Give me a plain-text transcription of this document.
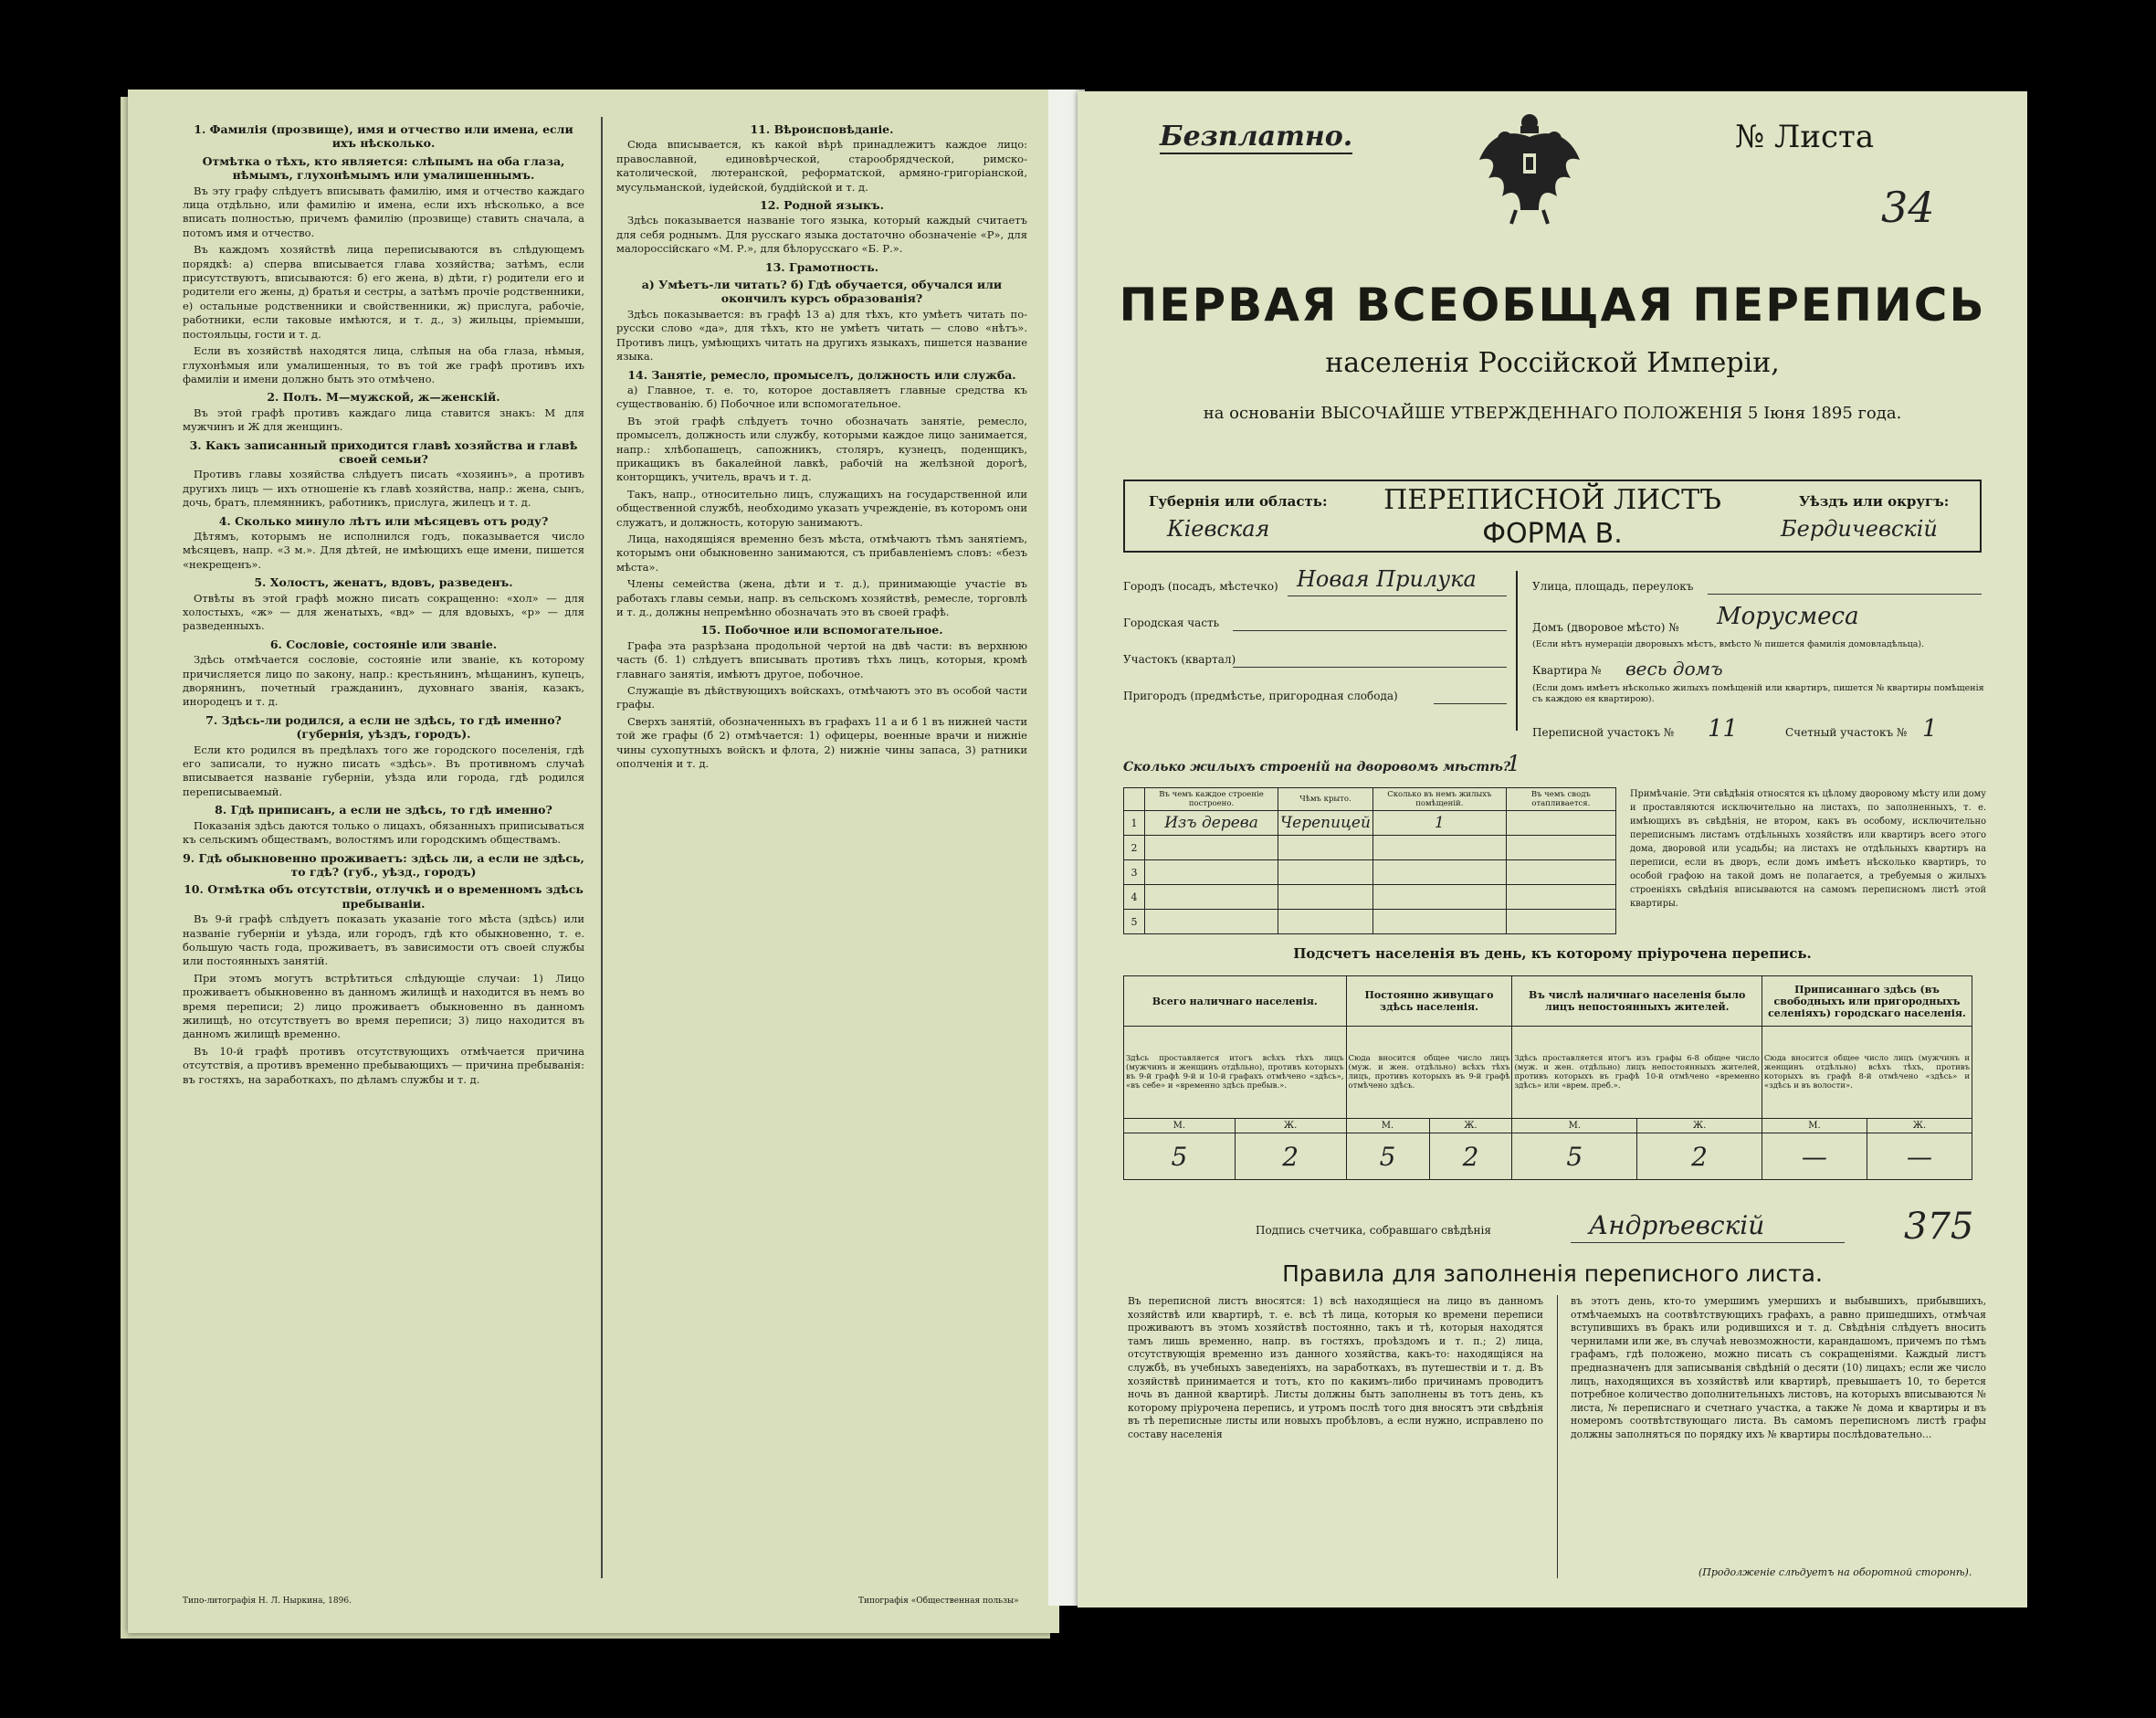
1. Фамилія (прозвище), имя и отчество или имена, если ихъ нѣсколько.
Отмѣтка о тѣхъ, кто является: слѣпымъ на оба глаза, нѣмымъ, глухонѣмымъ или умалишеннымъ.

Въ эту графу слѣдуетъ вписывать фамилію, имя и отчество каждаго лица отдѣльно, или фамилію и имена, если ихъ нѣсколько, а все вписать полностью, причемъ фамилію (прозвище) ставить сначала, а потомъ имя и отчество.

Въ каждомъ хозяйствѣ лица переписываются въ слѣдующемъ порядкѣ: а) сперва вписывается глава хозяйства; затѣмъ, если присутствуютъ, вписываются: б) его жена, в) дѣти, г) родители его и родители его жены, д) братья и сестры, а затѣмъ прочіе родственники, е) остальные родственники и свойственники, ж) прислуга, рабочіе, работники, если таковые имѣются, и т. д., з) жильцы, пріемыши, постояльцы, гости и т. д.

Если въ хозяйствѣ находятся лица, слѣпыя на оба глаза, нѣмыя, глухонѣмыя или умалишенныя, то въ той же графѣ противъ ихъ фамиліи и имени должно быть это отмѣчено.

2. Полъ. М—мужской, ж—женскій.

Въ этой графѣ противъ каждаго лица ставится знакъ: М для мужчинъ и Ж для женщинъ.

3. Какъ записанный приходится главѣ хозяйства и главѣ своей семьи?

Противъ главы хозяйства слѣдуетъ писать «хозяинъ», а противъ другихъ лицъ — ихъ отношеніе къ главѣ хозяйства, напр.: жена, сынъ, дочь, братъ, племянникъ, работникъ, прислуга, жилецъ и т. д.

4. Сколько минуло лѣтъ или мѣсяцевъ отъ роду?

Дѣтямъ, которымъ не исполнился годъ, показывается число мѣсяцевъ, напр. «3 м.». Для дѣтей, не имѣющихъ еще имени, пишется «некрещенъ».

5. Холостъ, женатъ, вдовъ, разведенъ.

Отвѣты въ этой графѣ можно писать сокращенно: «хол» — для холостыхъ, «ж» — для женатыхъ, «вд» — для вдовыхъ, «р» — для разведенныхъ.

6. Сословіе, состояніе или званіе.

Здѣсь отмѣчается сословіе, состояніе или званіе, къ которому причисляется лицо по закону, напр.: крестьянинъ, мѣщанинъ, купецъ, дворянинъ, почетный гражданинъ, духовнаго званія, казакъ, инородецъ и т. д.

7. Здѣсь-ли родился, а если не здѣсь, то гдѣ именно? (губернія, уѣздъ, городъ).

Если кто родился въ предѣлахъ того же городского поселенія, гдѣ его записали, то нужно писать «здѣсь». Въ противномъ случаѣ вписывается названіе губерніи, уѣзда или города, гдѣ родился переписываемый.

8. Гдѣ приписанъ, а если не здѣсь, то гдѣ именно?

Показанія здѣсь даются только о лицахъ, обязанныхъ приписываться къ сельскимъ обществамъ, волостямъ или городскимъ обществамъ.

9. Гдѣ обыкновенно проживаетъ: здѣсь ли, а если не здѣсь, то гдѣ? (губ., уѣзд., городъ)
10. Отмѣтка объ отсутствіи, отлучкѣ и о временномъ здѣсь пребываніи.

Въ 9-й графѣ слѣдуетъ показать указаніе того мѣста (здѣсь) или названіе губерніи и уѣзда, или городъ, гдѣ кто обыкновенно, т. е. большую часть года, проживаетъ, въ зависимости отъ своей службы или постоянныхъ занятій.

При этомъ могутъ встрѣтиться слѣдующіе случаи: 1) Лицо проживаетъ обыкновенно въ данномъ жилищѣ и находится въ немъ во время переписи; 2) лицо проживаетъ обыкновенно въ данномъ жилищѣ, но отсутствуетъ во время переписи; 3) лицо находится въ данномъ жилищѣ временно.

Въ 10-й графѣ противъ отсутствующихъ отмѣчается причина отсутствія, а противъ временно пребывающихъ — причина пребыванія: въ гостяхъ, на заработкахъ, по дѣламъ службы и т. д.

11. Вѣроисповѣданіе.

Сюда вписывается, къ какой вѣрѣ принадлежитъ каждое лицо: православной, единовѣрческой, старообрядческой, римско-католической, лютеранской, реформатской, армяно-григоріанской, мусульманской, іудейской, буддійской и т. д.

12. Родной языкъ.

Здѣсь показывается названіе того языка, который каждый считаетъ для себя роднымъ. Для русскаго языка достаточно обозначеніе «Р», для малороссійскаго «М. Р.», для бѣлорусскаго «Б. Р.».

13. Грамотность.
а) Умѣетъ-ли читать? б) Гдѣ обучается, обучался или окончилъ курсъ образованія?

Здѣсь показывается: въ графѣ 13 а) для тѣхъ, кто умѣетъ читать по-русски слово «да», для тѣхъ, кто не умѣетъ читать — слово «нѣтъ». Противъ лицъ, умѣющихъ читать на другихъ языкахъ, пишется название языка.

14. Занятіе, ремесло, промыселъ, должность или служба.

а) Главное, т. е. то, которое доставляетъ главные средства къ существованію. б) Побочное или вспомогательное.

Въ этой графѣ слѣдуетъ точно обозначать занятіе, ремесло, промыселъ, должность или службу, которыми каждое лицо занимается, напр.: хлѣбопашецъ, сапожникъ, столяръ, кузнецъ, поденщикъ, прикащикъ въ бакалейной лавкѣ, рабочій на желѣзной дорогѣ, конторщикъ, учитель, врачъ и т. д.

Такъ, напр., относительно лицъ, служащихъ на государственной или общественной службѣ, необходимо указать учрежденіе, въ которомъ они служатъ, и должность, которую занимаютъ.

Лица, находящіяся временно безъ мѣста, отмѣчаютъ тѣмъ занятіемъ, которымъ они обыкновенно занимаются, съ прибавленіемъ словъ: «безъ мѣста».

Члены семейства (жена, дѣти и т. д.), принимающіе участіе въ работахъ главы семьи, напр. въ сельскомъ хозяйствѣ, ремесле, торговлѣ и т. д., должны непремѣнно обозначать это въ своей графѣ.

15. Побочное или вспомогательное.

Графа эта разрѣзана продольной чертой на двѣ части: въ верхнюю часть (б. 1) слѣдуетъ вписывать противъ тѣхъ лицъ, которыя, кромѣ главнаго занятія, имѣютъ другое, побочное.

Служащіе въ дѣйствующихъ войскахъ, отмѣчаютъ это въ особой части графы.

Сверхъ занятій, обозначенныхъ въ графахъ 11 а и б 1 въ нижней части той же графы (б 2) отмѣчается: 1) офицеры, военные врачи и нижніе чины сухопутныхъ войскъ и флота, 2) нижніе чины запаса, 3) ратники ополченія и т. д.

Типо-литографія Н. Л. Ныркина, 1896.	Типографія «Общественная пользы»
Безплатно.	№ Листа
34
ПЕРВАЯ ВСЕОБЩАЯ ПЕРЕПИСЬ
населенія Россійской Имперіи,
на основаніи ВЫСОЧАЙШЕ УТВЕРЖДЕННАГО ПОЛОЖЕНІЯ 5 Іюня 1895 года.
Губернія или область:
Кіевская
ПЕРЕПИСНОЙ ЛИСТЪ
ФОРМА В.
Уѣздъ или округъ:
Бердичевскій
Городъ (посадъ, мѣстечко) Новая Прилука
Городская часть
Участокъ (квартал)
Пригородъ (предмѣстье, пригородная слобода)
Улица, площадь, переулокъ
Домъ (дворовое мѣсто) № Морусмеса
(Если нѣтъ нумерацiи дворовыхъ мѣстъ, вмѣсто № пишется фамилія домовладѣльца).
Квартира № весь домъ
(Если домъ имѣетъ нѣсколько жилыхъ помѣщеній или квартиръ, пишется № квартиры помѣщенія съ каждою ея квартирою).
Переписной участокъ № 11	Счетный участокъ № 1
Сколько жилыхъ строеній на дворовомъ мѣстѣ?
1
	Въ чемъ каждое строеніе построено.	Чѣмъ крыто.	Сколько въ немъ жилыхъ помѣщеній.	Въ чемъ сводъ отапливается.
1	Изъ дерева	Черепицей	1	
2				
3				
4				
5				
Примѣчаніе. Эти свѣдѣнія относятся къ цѣлому дворовому мѣсту или дому и проставляются исключительно на листахъ, по заполненныхъ, т. е. имѣющихъ въ свѣдѣнія, не втором, какъ въ особому, исключительно переписнымъ листамъ отдѣльныхъ хозяйствъ или квартиръ всего этого дома, дворовой или усадьбы; на листахъ не отдѣльныхъ квартиръ на переписи, если въ дворъ, если домъ имѣетъ нѣсколько квартиръ, то особой графою на такой домъ не полагается, а требуемыя о жилыхъ строеніяхъ свѣдѣнія вписываются на самомъ переписномъ листѣ этой квартиры.
Подсчетъ населенія въ день, къ которому пріурочена перепись.
Всего наличнаго населенія.		Постоянно живущаго здѣсь населенія.		Въ числѣ наличнаго населенія было лицъ непостоянныхъ жителей.		Приписаннаго здѣсь (въ свободныхъ или пригородныхъ селеніяхъ) городскаго населенія.	
Здѣсь проставляется итогъ всѣхъ тѣхъ лицъ (мужчинъ и женщинъ отдѣльно), противъ которыхъ въ 9-й графѣ 9-й и 10-й графахъ отмѣчено «здѣсь», «въ себе» и «временно здѣсь пребыв.».		Сюда вносится общее число лицъ (муж. и жен. отдѣльно) всѣхъ тѣхъ лицъ, противъ которыхъ въ 9-й графѣ отмѣчено здѣсь.		Здѣсь проставляется итогъ изъ графы 6-8 общее число (муж. и жен. отдѣльно) лицъ непостоянныхъ жителей, противъ которыхъ въ графѣ 10-й отмѣчено «временно здѣсь» или «врем. преб.».		Сюда вносится общее число лицъ (мужчинъ и женщинъ отдѣльно) всѣхъ тѣхъ, противъ которыхъ въ графѣ 8-й отмѣчено «здѣсь» и «здѣсь и въ волости».	
М.	Ж.	М.	Ж.	М.	Ж.	М.	Ж.
5	2	5	2	5	2	—	—
Подпись счетчика, собравшаго свѣдѣнія	Андрѣевскій	375
Правила для заполненія переписного листа.
Въ переписной листъ вносятся: 1) всѣ находящіеся на лицо въ данномъ хозяйствѣ или квартирѣ, т. е. всѣ тѣ лица, которыя ко времени переписи проживаютъ въ этомъ хозяйствѣ постоянно, такъ и тѣ, которыя находятся тамъ лишь временно, напр. въ гостяхъ, проѣздомъ и т. п.; 2) лица, отсутствующія временно изъ данного хозяйства, какъ-то: находящіяся на службѣ, въ учебныхъ заведеніяхъ, на заработкахъ, въ путешествіи и т. д. Въ хозяйствѣ принимается и тотъ, кто по какимъ-либо причинамъ проводитъ ночь въ данной квартирѣ. Листы должны быть заполнены въ тотъ день, къ которому пріурочена перепись, и утромъ послѣ того дня вносятъ эти свѣдѣнія въ тѣ переписные листы или новыхъ пробѣловъ, а если нужно, исправлено по составу населенія
въ этотъ день, кто-то умершимъ умершихъ и выбывшихъ, прибывшихъ, отмѣчаемыхъ на соотвѣтствующихъ графахъ, а равно пришедшихъ, отмѣчая вступившихъ въ бракъ или родившихся и т. д. Свѣдѣнія слѣдуетъ вносить чернилами или же, въ случаѣ невозможности, карандашомъ, причемъ по тѣмъ графамъ, гдѣ положено, можно писать съ сокращеніями. Каждый листъ предназначенъ для записыванія свѣдѣній о десяти (10) лицахъ; если же число лицъ, находящихся въ хозяйствѣ или квартирѣ, превышаетъ 10, то берется потребное количество дополнительныхъ листовъ, на которыхъ вписываются № листа, № переписнаго и счетнаго участка, а также № дома и квартиры и въ номеромъ соотвѣтствующаго листа. Въ самомъ переписномъ листѣ графы должны заполняться по порядку ихъ № квартиры послѣдовательно...
(Продолженіе слѣдуетъ на оборотной сторонѣ).
